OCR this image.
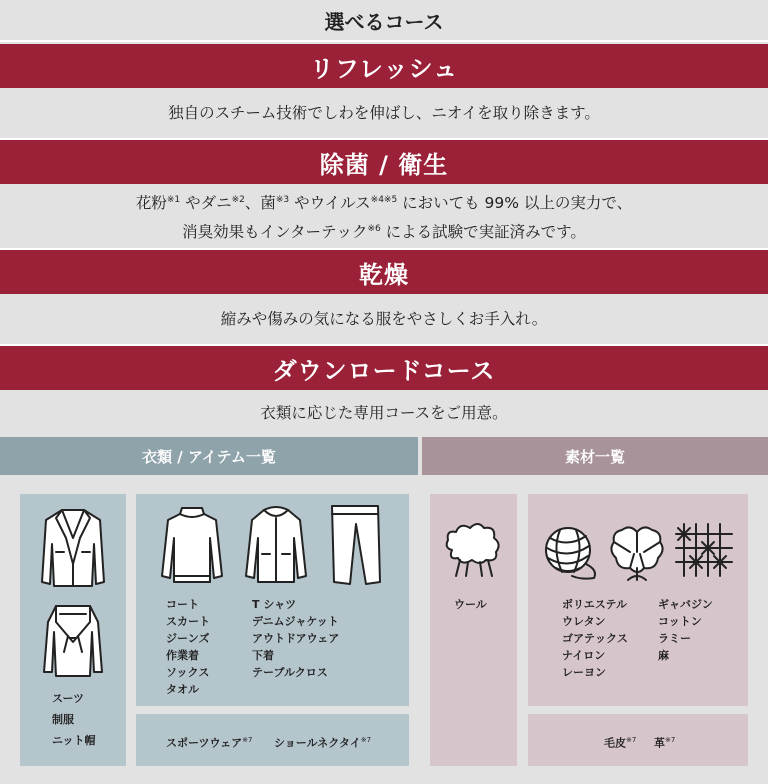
選べるコース
リフレッシュ
独自のスチーム技術でしわを伸ばし、ニオイを取り除きます。
除菌 / 衛生
花粉$^{※1}$ やダニ$^{※2}$、菌$^{※3}$ やウイルス$^{※4※5}$ においても 99% 以上の実力で、
消臭効果もインターテック$^{※6}$ による試験で実証済みです。
乾燥
縮みや傷みの気になる服をやさしくお手入れ。
ダウンロードコース
衣類に応じた専用コースをご用意。
衣類 / アイテム一覧	素材一覧
スーツ
制服
ニット帽
コート
スカート
ジーンズ
作業着
ソックス
タオル
T シャツ
デニムジャケット
アウトドアウェア
下着
テーブルクロス
スポーツウェア$^{※7}$ ショールネクタイ$^{※7}$
ウール	ポリエステル
ウレタン
ゴアテックス
ナイロン
レーヨン
ギャバジン
コットン
ラミー
麻
毛皮$^{※7}$ 革$^{※7}$
